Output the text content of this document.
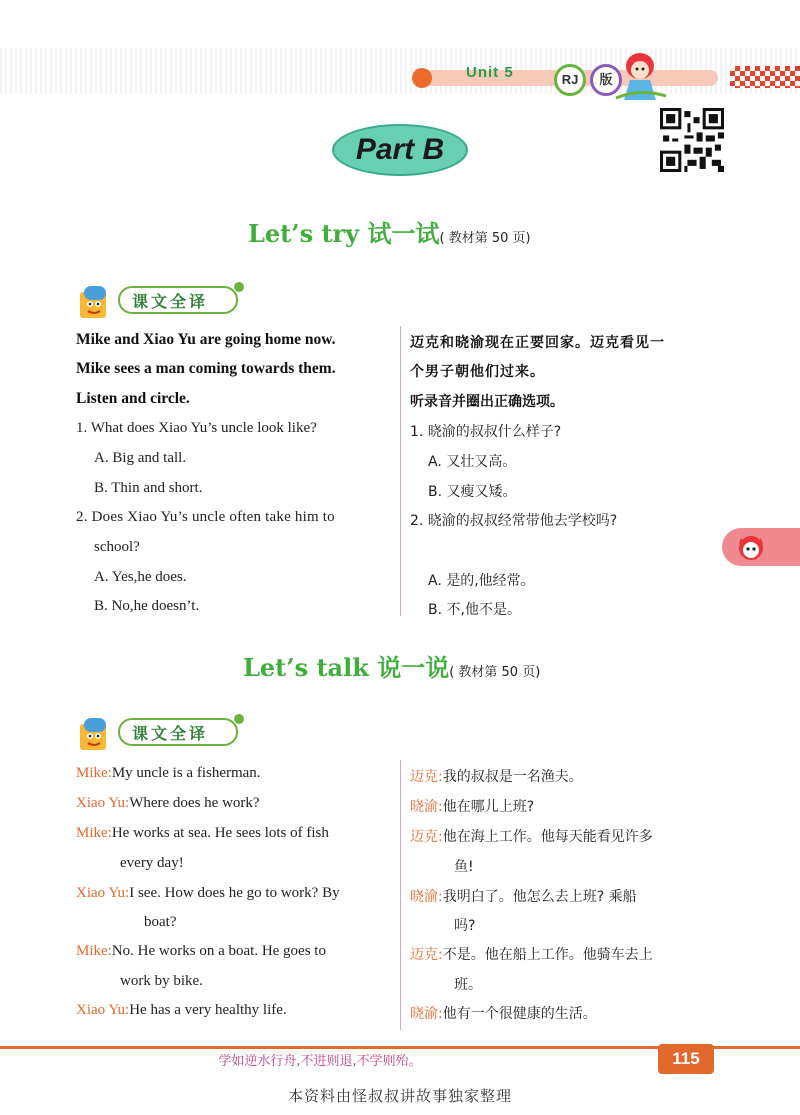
Unit 5	RJ	版
Part B
Let’s try 试一试( 教材第 50 页)
课文全译
Mike and Xiao Yu are going home now.
Mike sees a man coming towards them.
Listen and circle.
1. What does Xiao Yu’s uncle look like?
A. Big and tall.
B. Thin and short.
2. Does Xiao Yu’s uncle often take him to
school?
A. Yes,he does.
B. No,he doesn’t.
迈克和晓渝现在正要回家。迈克看见一
个男子朝他们过来。
听录音并圈出正确选项。
1. 晓渝的叔叔什么样子?
A. 又壮又高。
B. 又瘦又矮。
2. 晓渝的叔叔经常带他去学校吗?
A. 是的,他经常。
B. 不,他不是。
Let’s talk 说一说( 教材第 50 页)
课文全译
Mike:My uncle is a fisherman.
Xiao Yu:Where does he work?
Mike:He works at sea. He sees lots of fish
every day!
Xiao Yu:I see. How does he go to work? By
boat?
Mike:No. He works on a boat. He goes to
work by bike.
Xiao Yu:He has a very healthy life.
迈克:我的叔叔是一名渔夫。
晓渝:他在哪儿上班?
迈克:他在海上工作。他每天能看见许多
鱼!
晓渝:我明白了。他怎么去上班? 乘船
吗?
迈克:不是。他在船上工作。他骑车去上
班。
晓渝:他有一个很健康的生活。
学如逆水行舟,不进则退,不学则殆。	115
本资料由怪叔叔讲故事独家整理
